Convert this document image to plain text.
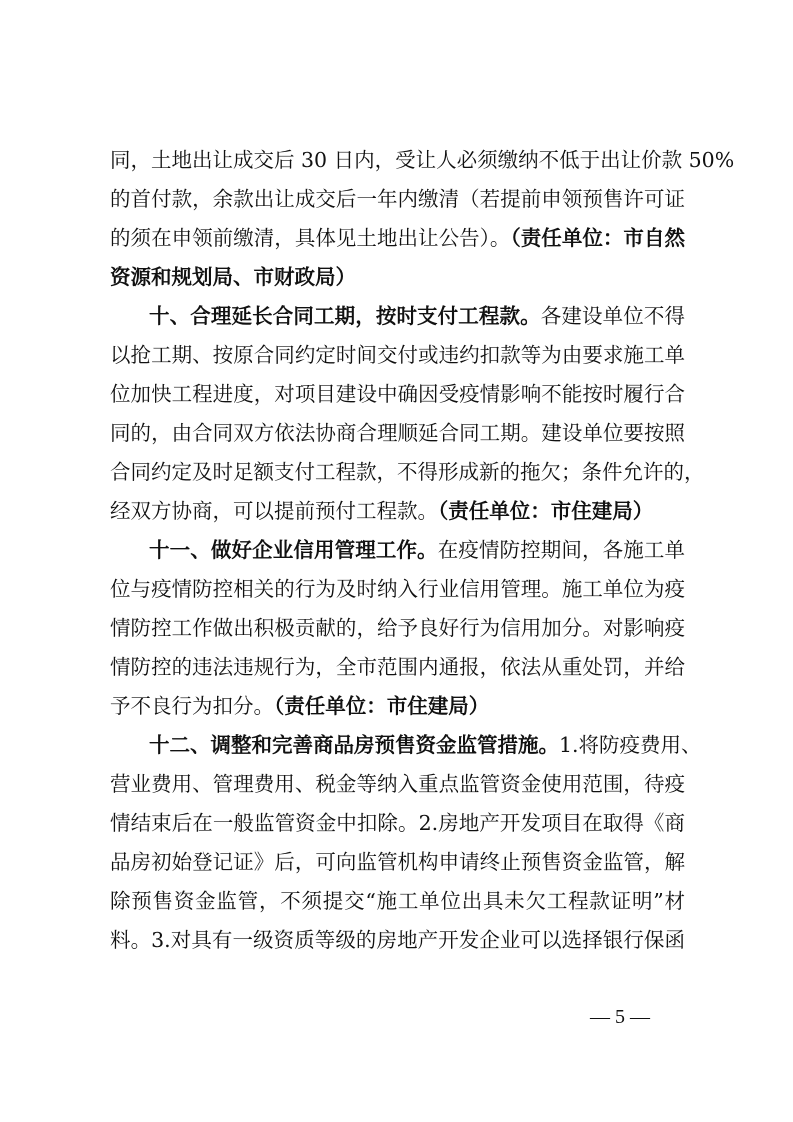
同，土地出让成交后 30 日内，受让人必须缴纳不低于出让价款 50%
的首付款，余款出让成交后一年内缴清（若提前申领预售许可证
的须在申领前缴清，具体见土地出让公告）。（责任单位：市自然
资源和规划局、市财政局）
十、合理延长合同工期，按时支付工程款。各建设单位不得
以抢工期、按原合同约定时间交付或违约扣款等为由要求施工单
位加快工程进度，对项目建设中确因受疫情影响不能按时履行合
同的，由合同双方依法协商合理顺延合同工期。建设单位要按照
合同约定及时足额支付工程款，不得形成新的拖欠；条件允许的，
经双方协商，可以提前预付工程款。（责任单位：市住建局）
十一、做好企业信用管理工作。在疫情防控期间，各施工单
位与疫情防控相关的行为及时纳入行业信用管理。施工单位为疫
情防控工作做出积极贡献的，给予良好行为信用加分。对影响疫
情防控的违法违规行为，全市范围内通报，依法从重处罚，并给
予不良行为扣分。（责任单位：市住建局）
十二、调整和完善商品房预售资金监管措施。1.将防疫费用、
营业费用、管理费用、税金等纳入重点监管资金使用范围，待疫
情结束后在一般监管资金中扣除。2.房地产开发项目在取得《商
品房初始登记证》后，可向监管机构申请终止预售资金监管，解
除预售资金监管，不须提交“施工单位出具未欠工程款证明”材
料。3.对具有一级资质等级的房地产开发企业可以选择银行保函
— 5 —
